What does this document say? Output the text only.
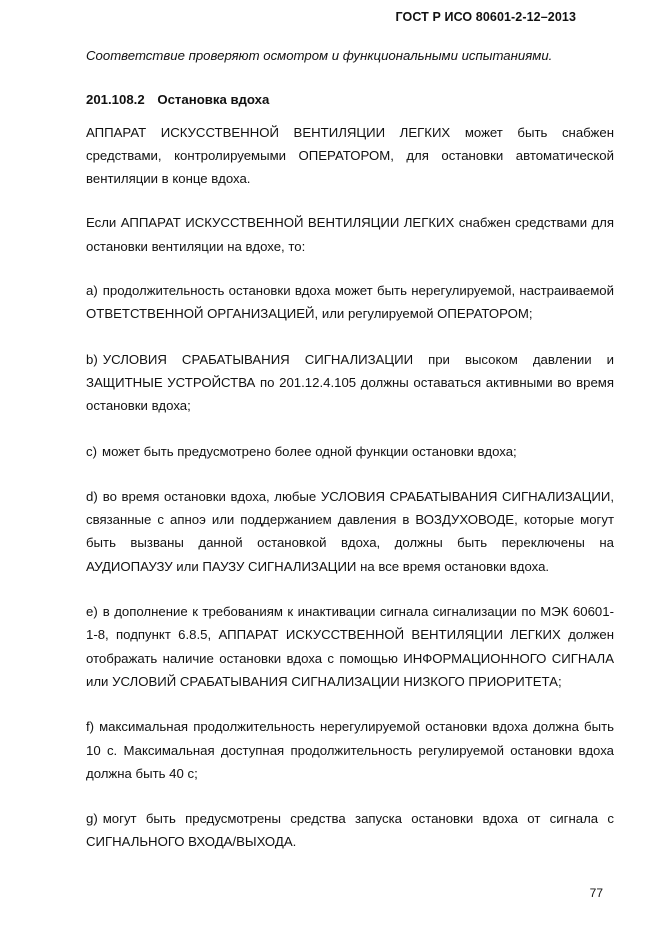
ГОСТ Р ИСО 80601-2-12–2013
Соответствие проверяют осмотром и функциональными испытаниями.
201.108.2 Остановка вдоха

АППАРАТ ИСКУССТВЕННОЙ ВЕНТИЛЯЦИИ ЛЕГКИХ может быть снабжен средствами, контролируемыми ОПЕРАТОРОМ, для остановки автоматической вентиляции в конце вдоха.

Если АППАРАТ ИСКУССТВЕННОЙ ВЕНТИЛЯЦИИ ЛЕГКИХ снабжен средствами для остановки вентиляции на вдохе, то:

a) продолжительность остановки вдоха может быть нерегулируемой, настраиваемой ОТВЕТСТВЕННОЙ ОРГАНИЗАЦИЕЙ, или регулируемой ОПЕРАТОРОМ;
b) УСЛОВИЯ СРАБАТЫВАНИЯ СИГНАЛИЗАЦИИ при высоком давлении и ЗАЩИТНЫЕ УСТРОЙСТВА по 201.12.4.105 должны оставаться активными во время остановки вдоха;
c) может быть предусмотрено более одной функции остановки вдоха;
d) во время остановки вдоха, любые УСЛОВИЯ СРАБАТЫВАНИЯ СИГНАЛИЗАЦИИ, связанные с апноэ или поддержанием давления в ВОЗДУХОВОДЕ, которые могут быть вызваны данной остановкой вдоха, должны быть переключены на АУДИОПАУЗУ или ПАУЗУ СИГНАЛИЗАЦИИ на все время остановки вдоха.
e) в дополнение к требованиям к инактивации сигнала сигнализации по МЭК 60601-1-8, подпункт 6.8.5, АППАРАТ ИСКУССТВЕННОЙ ВЕНТИЛЯЦИИ ЛЕГКИХ должен отображать наличие остановки вдоха с помощью ИНФОРМАЦИОННОГО СИГНАЛА или УСЛОВИЙ СРАБАТЫВАНИЯ СИГНАЛИЗАЦИИ НИЗКОГО ПРИОРИТЕТА;
f) максимальная продолжительность нерегулируемой остановки вдоха должна быть 10 с. Максимальная доступная продолжительность регулируемой остановки вдоха должна быть 40 с;
g) могут быть предусмотрены средства запуска остановки вдоха от сигнала с СИГНАЛЬНОГО ВХОДА/ВЫХОДА.
77
